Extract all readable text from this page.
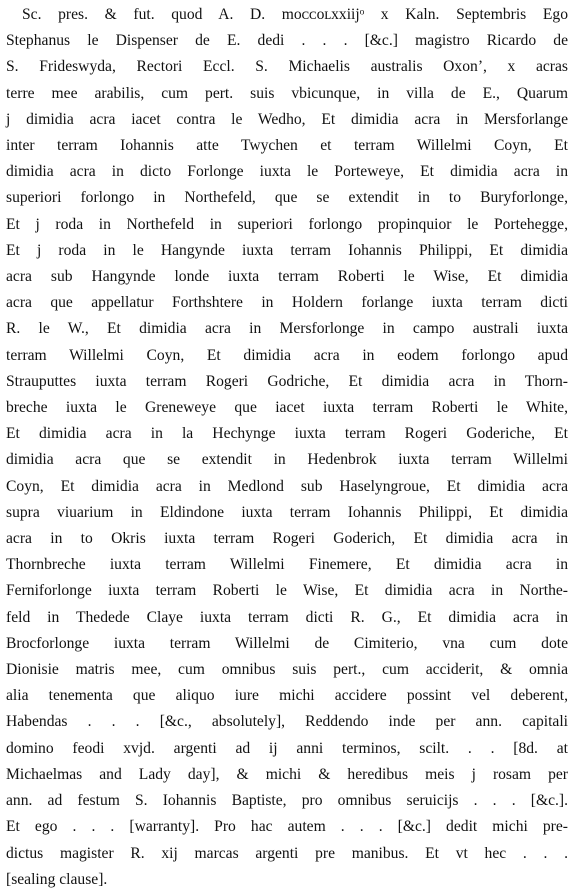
Sc. pres. & fut. quod A. D. mᴏᴄᴄᴏʟxxiijᵒ x Kaln. Septembris Ego
Stephanus le Dispenser de E. dedi . . . [&c.] magistro Ricardo de
S. Frideswyda, Rectori Eccl. S. Michaelis australis Oxon’, x acras
terre mee arabilis, cum pert. suis vbicunque, in villa de E., Quarum
j dimidia acra iacet contra le Wedho, Et dimidia acra in Mersforlange
inter terram Iohannis atte Twychen et terram Willelmi Coyn, Et
dimidia acra in dicto Forlonge iuxta le Porteweye, Et dimidia acra in
superiori forlongo in Northefeld, que se extendit in to Buryforlonge,
Et j roda in Northefeld in superiori forlongo propinquior le Portehegge,
Et j roda in le Hangynde iuxta terram Iohannis Philippi, Et dimidia
acra sub Hangynde londe iuxta terram Roberti le Wise, Et dimidia
acra que appellatur Forthshtere in Holdern forlange iuxta terram dicti
R. le W., Et dimidia acra in Mersforlonge in campo australi iuxta
terram Willelmi Coyn, Et dimidia acra in eodem forlongo apud
Strauputtes iuxta terram Rogeri Godriche, Et dimidia acra in Thorn-
breche iuxta le Greneweye que iacet iuxta terram Roberti le White,
Et dimidia acra in la Hechynge iuxta terram Rogeri Goderiche, Et
dimidia acra que se extendit in Hedenbrok iuxta terram Willelmi
Coyn, Et dimidia acra in Medlond sub Haselyngroue, Et dimidia acra
supra viuarium in Eldindone iuxta terram Iohannis Philippi, Et dimidia
acra in to Okris iuxta terram Rogeri Goderich, Et dimidia acra in
Thornbreche iuxta terram Willelmi Finemere, Et dimidia acra in
Ferniforlonge iuxta terram Roberti le Wise, Et dimidia acra in Northe-
feld in Thedede Claye iuxta terram dicti R. G., Et dimidia acra in
Brocforlonge iuxta terram Willelmi de Cimiterio, vna cum dote
Dionisie matris mee, cum omnibus suis pert., cum acciderit, & omnia
alia tenementa que aliquo iure michi accidere possint vel deberent,
Habendas . . . [&c., absolutely], Reddendo inde per ann. capitali
domino feodi xvjd. argenti ad ij anni terminos, scilt. . . [8d. at
Michaelmas and Lady day], & michi & heredibus meis j rosam per
ann. ad festum S. Iohannis Baptiste, pro omnibus seruicijs . . . [&c.].
Et ego . . . [warranty]. Pro hac autem . . . [&c.] dedit michi pre-
dictus magister R. xij marcas argenti pre manibus. Et vt hec . . .
[sealing clause].
